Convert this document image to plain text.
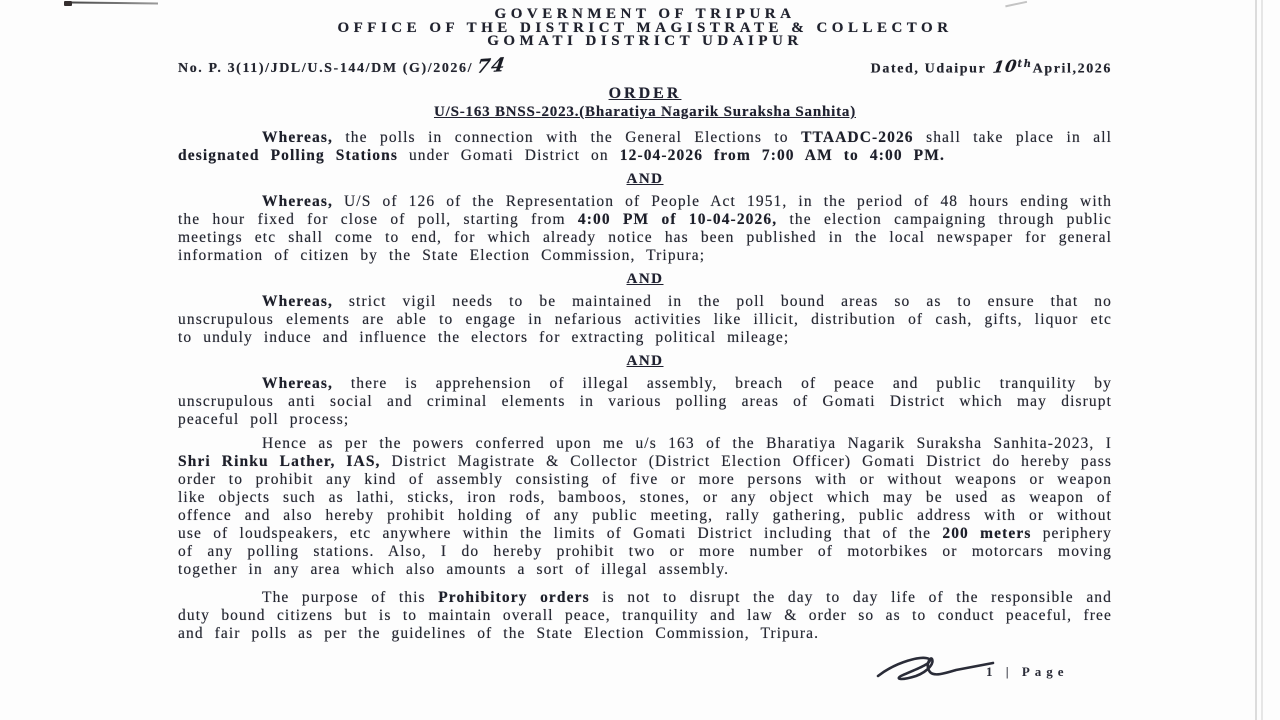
GOVERNMENT OF TRIPURA
OFFICE OF THE DISTRICT MAGISTRATE & COLLECTOR
GOMATI DISTRICT UDAIPUR
No. P. 3(11)/JDL/U.S-144/DM (G)/2026/ 74	Dated, Udaipur 10thApril,2026
ORDER
U/S-163 BNSS-2023.(Bharatiya Nagarik Suraksha Sanhita)

Whereas, the polls in connection with the General Elections to TTAADC-2026 shall take place in all designated Polling Stations under Gomati District on 12-04-2026 from 7:00 AM to 4:00 PM.

AND

Whereas, U/S of 126 of the Representation of People Act 1951, in the period of 48 hours ending with the hour fixed for close of poll, starting from 4:00 PM of 10-04-2026, the election campaigning through public meetings etc shall come to end, for which already notice has been published in the local newspaper for general information of citizen by the State Election Commission, Tripura;

AND

Whereas, strict vigil needs to be maintained in the poll bound areas so as to ensure that no unscrupulous elements are able to engage in nefarious activities like illicit, distribution of cash, gifts, liquor etc to unduly induce and influence the electors for extracting political mileage;

AND

Whereas, there is apprehension of illegal assembly, breach of peace and public tranquility by unscrupulous anti social and criminal elements in various polling areas of Gomati District which may disrupt peaceful poll process;

Hence as per the powers conferred upon me u/s 163 of the Bharatiya Nagarik Suraksha Sanhita-2023, I Shri Rinku Lather, IAS, District Magistrate & Collector (District Election Officer) Gomati District do hereby pass order to prohibit any kind of assembly consisting of five or more persons with or without weapons or weapon like objects such as lathi, sticks, iron rods, bamboos, stones, or any object which may be used as weapon of offence and also hereby prohibit holding of any public meeting, rally gathering, public address with or without use of loudspeakers, etc anywhere within the limits of Gomati District including that of the 200 meters periphery of any polling stations. Also, I do hereby prohibit two or more number of motorbikes or motorcars moving together in any area which also amounts a sort of illegal assembly.

The purpose of this Prohibitory orders is not to disrupt the day to day life of the responsible and duty bound citizens but is to maintain overall peace, tranquility and law & order so as to conduct peaceful, free and fair polls as per the guidelines of the State Election Commission, Tripura.

1 | Page
